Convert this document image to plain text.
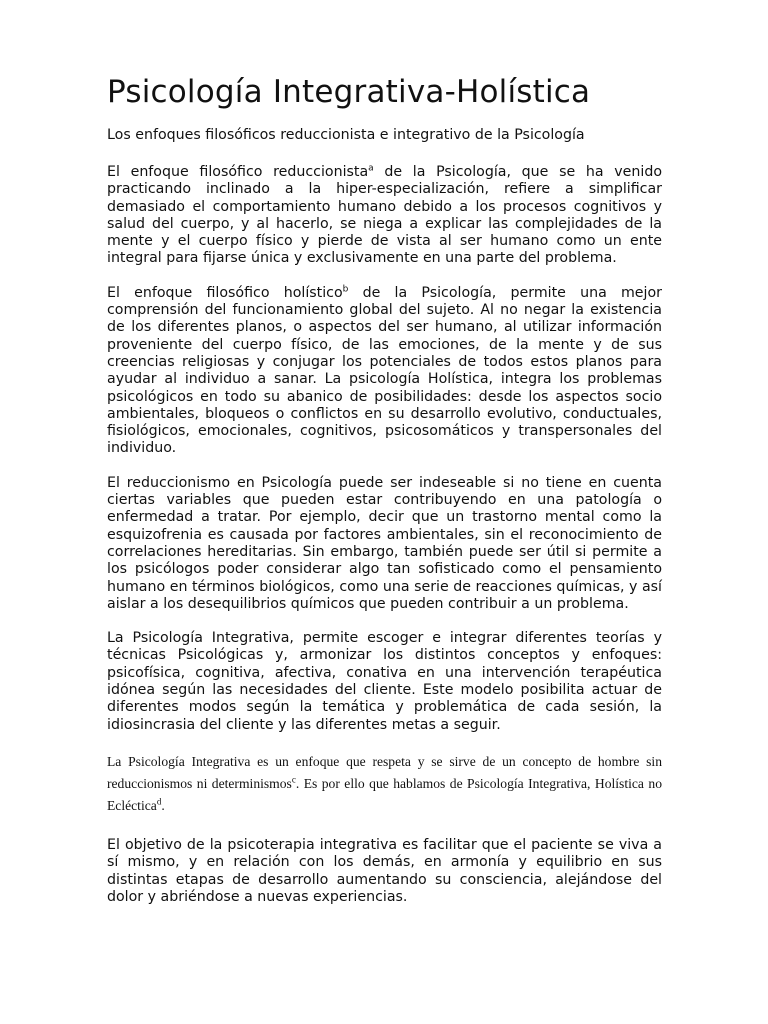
Psicología Integrativa-Holística

Los enfoques filosóficos reduccionista e integrativo de la Psicología

El enfoque filosófico reduccionista$^a$ de la Psicología, que se ha venido practicando inclinado a la hiper-especialización, refiere a simplificar demasiado el comportamiento humano debido a los procesos cognitivos y salud del cuerpo, y al hacerlo, se niega a explicar las complejidades de la mente y el cuerpo físico y pierde de vista al ser humano como un ente integral para fijarse única y exclusivamente en una parte del problema.

El enfoque filosófico holístico$^b$ de la Psicología, permite una mejor comprensión del funcionamiento global del sujeto. Al no negar la existencia de los diferentes planos, o aspectos del ser humano, al utilizar información proveniente del cuerpo físico, de las emociones, de la mente y de sus creencias religiosas y conjugar los potenciales de todos estos planos para ayudar al individuo a sanar. La psicología Holística, integra los problemas psicológicos en todo su abanico de posibilidades: desde los aspectos socio ambientales, bloqueos o conflictos en su desarrollo evolutivo, conductuales, fisiológicos, emocionales, cognitivos, psicosomáticos y transpersonales del individuo.

El reduccionismo en Psicología puede ser indeseable si no tiene en cuenta ciertas variables que pueden estar contribuyendo en una patología o enfermedad a tratar. Por ejemplo, decir que un trastorno mental como la esquizofrenia es causada por factores ambientales, sin el reconocimiento de correlaciones hereditarias. Sin embargo, también puede ser útil si permite a los psicólogos poder considerar algo tan sofisticado como el pensamiento humano en términos biológicos, como una serie de reacciones químicas, y así aislar a los desequilibrios químicos que pueden contribuir a un problema.

La Psicología Integrativa, permite escoger e integrar diferentes teorías y técnicas Psicológicas y, armonizar los distintos conceptos y enfoques: psicofísica, cognitiva, afectiva, conativa en una intervención terapéutica idónea según las necesidades del cliente. Este modelo posibilita actuar de diferentes modos según la temática y problemática de cada sesión, la idiosincrasia del cliente y las diferentes metas a seguir.

La Psicología Integrativa es un enfoque que respeta y se sirve de un concepto de hombre sin reduccionismos ni determinismos$^c$. Es por ello que hablamos de Psicología Integrativa, Holística no Ecléctica$^d$.

El objetivo de la psicoterapia integrativa es facilitar que el paciente se viva a sí mismo, y en relación con los demás, en armonía y equilibrio en sus distintas etapas de desarrollo aumentando su consciencia, alejándose del dolor y abriéndose a nuevas experiencias.
